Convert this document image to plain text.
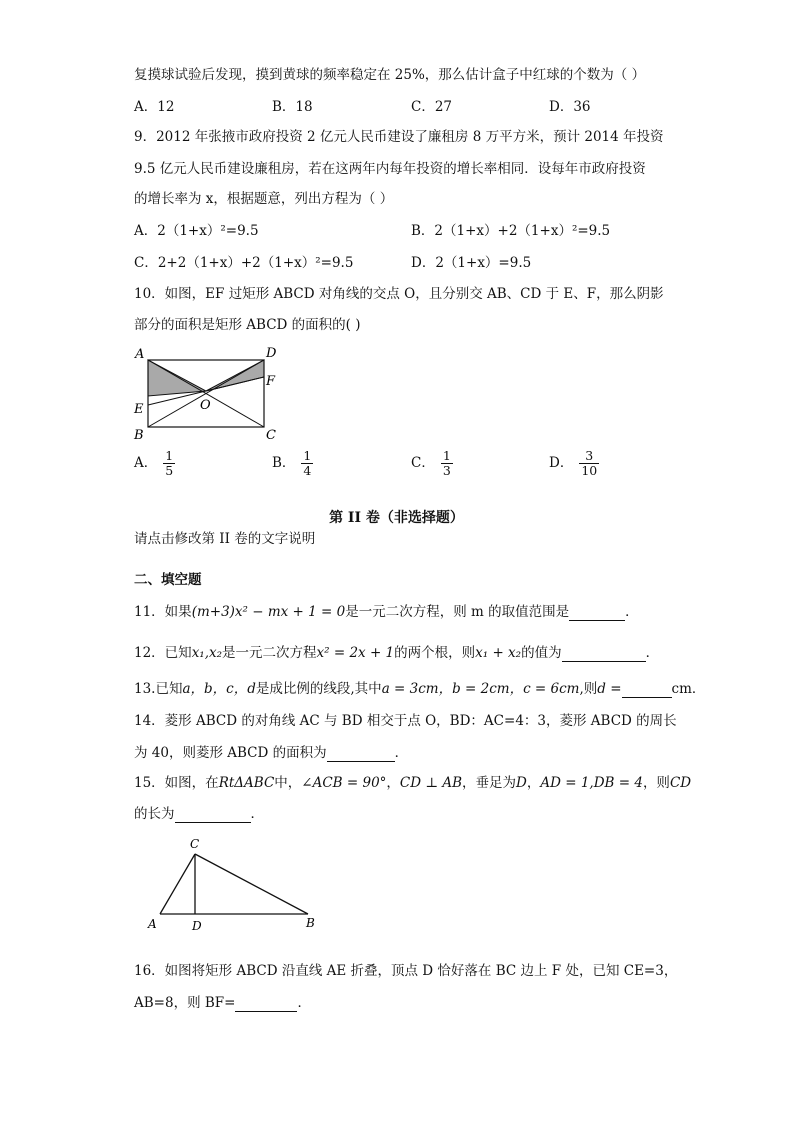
复摸球试验后发现，摸到黄球的频率稳定在 25%，那么估计盒子中红球的个数为（ ）
A．12	B．18	C．27	D．36
9．2012 年张掖市政府投资 2 亿元人民币建设了廉租房 8 万平方米，预计 2014 年投资
9.5 亿元人民币建设廉租房，若在这两年内每年投资的增长率相同．设每年市政府投资
的增长率为 x，根据题意，列出方程为（ ）
A．2（1+x）²=9.5	B．2（1+x）+2（1+x）²=9.5
C．2+2（1+x）+2（1+x）²=9.5	D．2（1+x）=9.5
10．如图，EF 过矩形 ABCD 对角线的交点 O，且分别交 AB、CD 于 E、F，那么阴影
部分的面积是矩形 ABCD 的面积的( )
A	D
F
E	O
B	C
A． $\frac{1}{5}$	B． $\frac{1}{4}$	C． $\frac{1}{3}$	D． $\frac{3}{10}$
第 II 卷（非选择题）
请点击修改第 II 卷的文字说明
二、填空题
11．如果(m+3)x² − mx + 1 = 0是一元二次方程，则 m 的取值范围是	．
12．已知x₁,x₂是一元二次方程x² = 2x + 1的两个根，则x₁ + x₂的值为	．
13.已知a，b，c，d是成比例的线段,其中a = 3cm，b = 2cm，c = 6cm,则d =	cm．
14．菱形 ABCD 的对角线 AC 与 BD 相交于点 O，BD：AC=4：3，菱形 ABCD 的周长
为 40，则菱形 ABCD 的面积为	．
15．如图，在RtΔABC中，∠ACB = 90°，CD ⊥ AB，垂足为D，AD = 1,DB = 4，则CD
的长为	．
C
A	D	B
16．如图将矩形 ABCD 沿直线 AE 折叠，顶点 D 恰好落在 BC 边上 F 处，已知 CE=3，
AB=8，则 BF=	．
